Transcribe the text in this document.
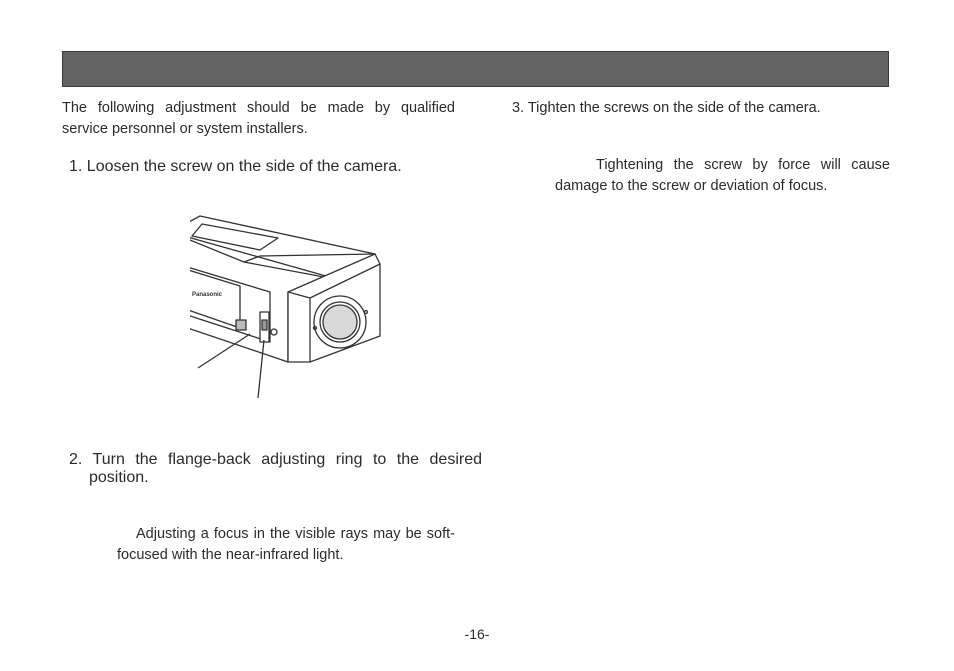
The following adjustment should be made by qualified service personnel or system installers.

1. Loosen the screw on the side of the camera.

Panasonic

2. Turn the flange-back adjusting ring to the desired position.

Adjusting a focus in the visible rays may be soft-focused with the near-infrared light.

3. Tighten the screws on the side of the camera.

Tightening the screw by force will cause damage to the screw or deviation of focus.

-16-
